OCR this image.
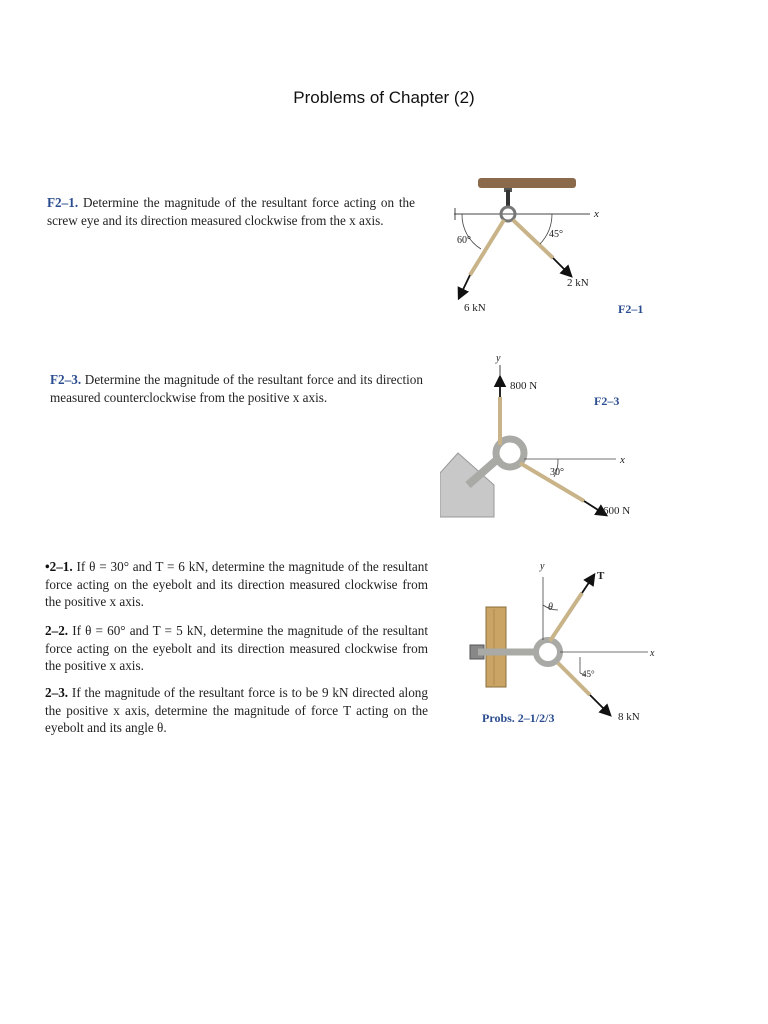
Problems of Chapter (2)
F2–1. Determine the magnitude of the resultant force acting on the screw eye and its direction measured clockwise from the x axis.
F2–3. Determine the magnitude of the resultant force and its direction measured counterclockwise from the positive x axis.
•2–1. If θ = 30° and T = 6 kN, determine the magnitude of the resultant force acting on the eyebolt and its direction measured clockwise from the positive x axis.
2–2. If θ = 60° and T = 5 kN, determine the magnitude of the resultant force acting on the eyebolt and its direction measured clockwise from the positive x axis.
2–3. If the magnitude of the resultant force is to be 9 kN directed along the positive x axis, determine the magnitude of force T acting on the eyebolt and its angle θ.
x
60°
45°
2 kN
6 kN	F2–1
y
800 N
x
30°
600 N
F2–3
y
T
θ
x
45°
8 kN
Probs. 2–1/2/3
